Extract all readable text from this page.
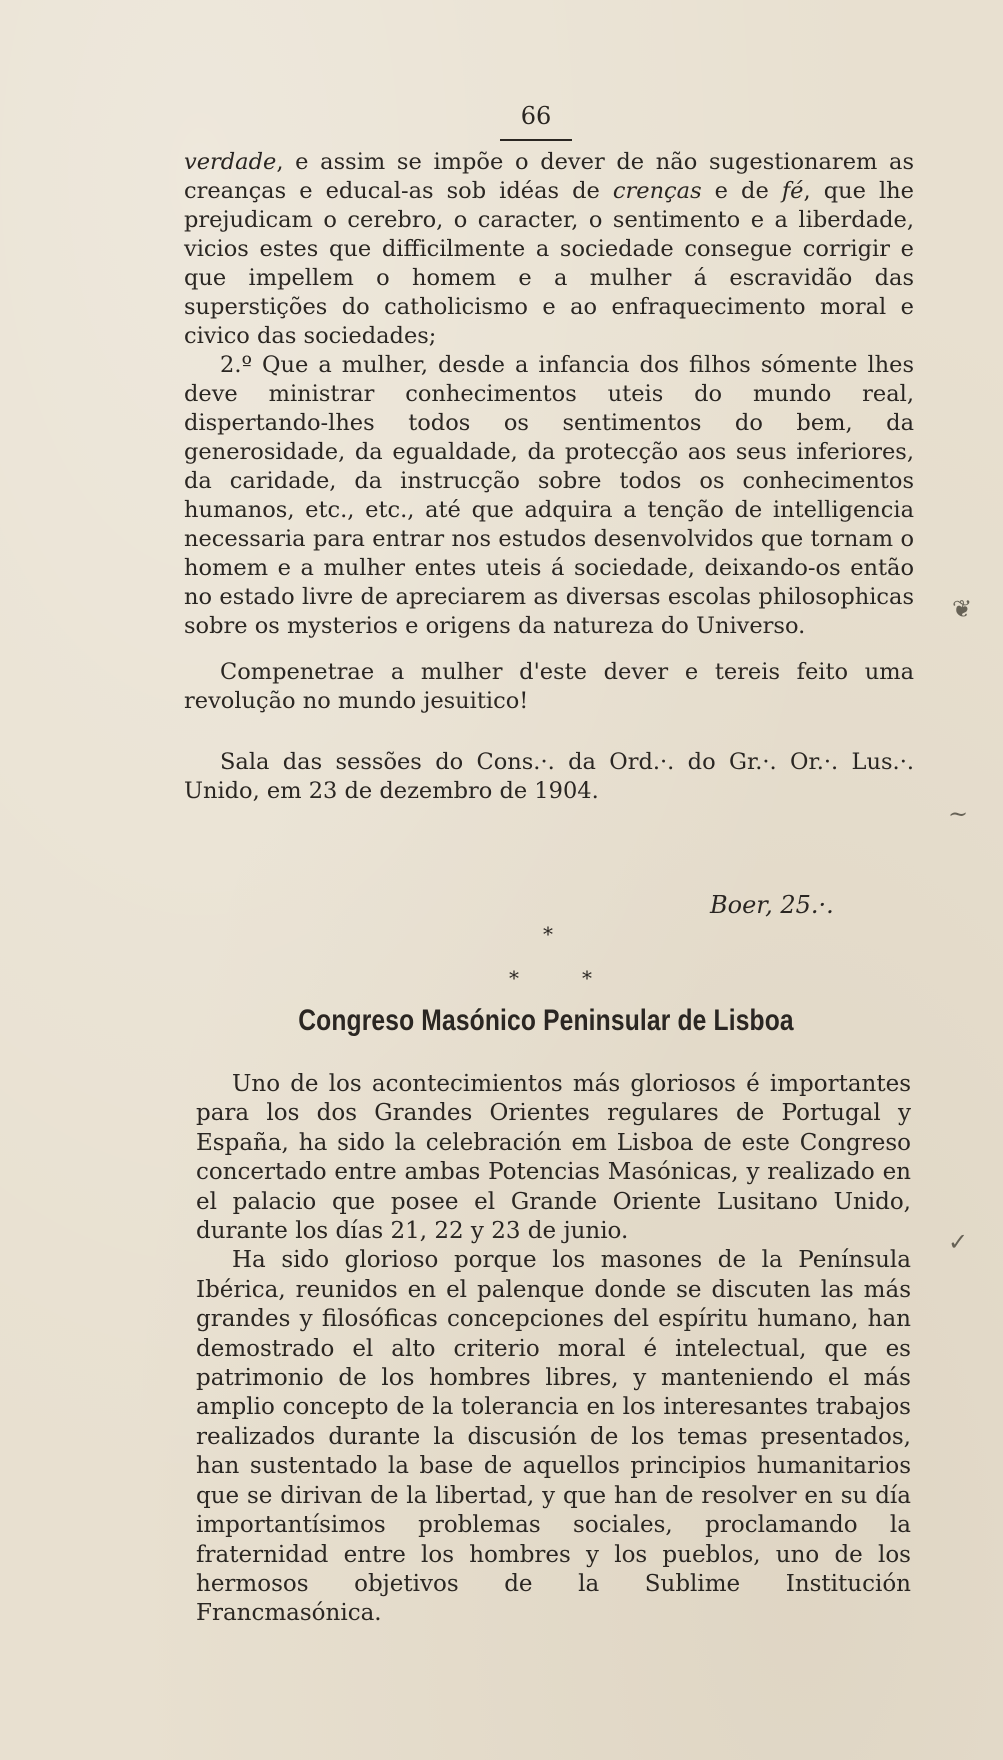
66

verdade, e assim se impõe o dever de não sugestionarem as creanças e educal-as sob idéas de crenças e de fé, que lhe prejudicam o cerebro, o caracter, o sentimento e a liberdade, vicios estes que difficilmente a sociedade consegue corrigir e que impellem o homem e a mulher á escravidão das superstições do catholicismo e ao enfraquecimento moral e civico das sociedades;

2.º Que a mulher, desde a infancia dos filhos sómente lhes deve ministrar conhecimentos uteis do mundo real, dispertando-lhes todos os sentimentos do bem, da generosidade, da egualdade, da protecção aos seus inferiores, da caridade, da instrucção sobre todos os conhecimentos humanos, etc., etc., até que adquira a tenção de intelligencia necessaria para entrar nos estudos desenvolvidos que tornam o homem e a mulher entes uteis á sociedade, deixando-os então no estado livre de apreciarem as diversas escolas philosophicas sobre os mysterios e origens da natureza do Universo.

Compenetrae a mulher d'este dever e tereis feito uma revolução no mundo jesuitico!

Sala das sessões do Cons.·. da Ord.·. do Gr.·. Or.·. Lus.·. Unido, em 23 de dezembro de 1904.

Boer, 25.·.
*
*	*
Congreso Masónico Peninsular de Lisboa

Uno de los acontecimientos más gloriosos é importantes para los dos Grandes Orientes regulares de Portugal y España, ha sido la celebración em Lisboa de este Congreso concertado entre ambas Potencias Masónicas, y realizado en el palacio que posee el Grande Oriente Lusitano Unido, durante los días 21, 22 y 23 de junio.

Ha sido glorioso porque los masones de la Península Ibérica, reunidos en el palenque donde se discuten las más grandes y filosóficas concepciones del espíritu humano, han demostrado el alto criterio moral é intelectual, que es patrimonio de los hombres libres, y manteniendo el más amplio concepto de la tolerancia en los interesantes trabajos realizados durante la discusión de los temas presentados, han sustentado la base de aquellos principios humanitarios que se dirivan de la libertad, y que han de resolver en su día importantísimos problemas sociales, proclamando la fraternidad entre los hombres y los pueblos, uno de los hermosos objetivos de la Sublime Institución Francmasónica.

❦
~
✓
